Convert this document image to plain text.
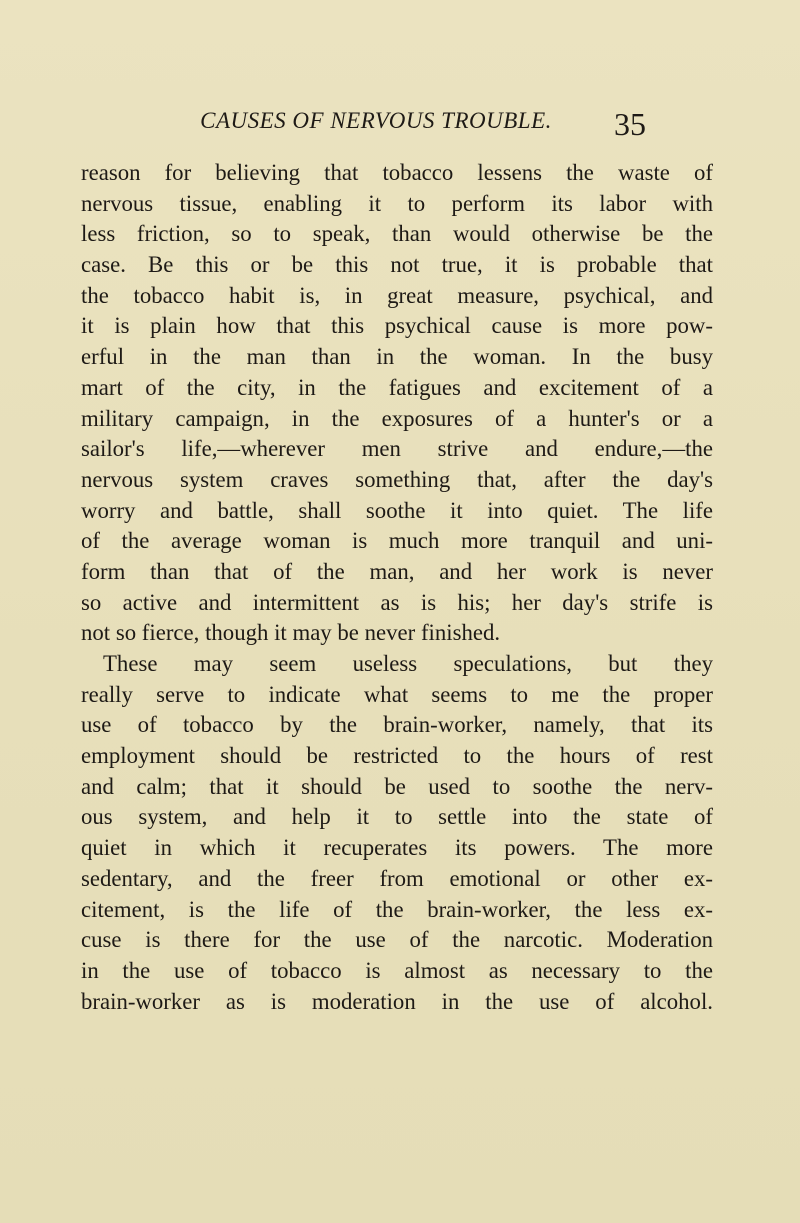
CAUSES OF NERVOUS TROUBLE.	35
reason for believing that tobacco lessens the waste of
nervous tissue, enabling it to perform its labor with
less friction, so to speak, than would otherwise be the
case. Be this or be this not true, it is probable that
the tobacco habit is, in great measure, psychical, and
it is plain how that this psychical cause is more pow-
erful in the man than in the woman. In the busy
mart of the city, in the fatigues and excitement of a
military campaign, in the exposures of a hunter's or a
sailor's life,—wherever men strive and endure,—the
nervous system craves something that, after the day's
worry and battle, shall soothe it into quiet. The life
of the average woman is much more tranquil and uni-
form than that of the man, and her work is never
so active and intermittent as is his; her day's strife is
not so fierce, though it may be never finished.
These may seem useless speculations, but they
really serve to indicate what seems to me the proper
use of tobacco by the brain-worker, namely, that its
employment should be restricted to the hours of rest
and calm; that it should be used to soothe the nerv-
ous system, and help it to settle into the state of
quiet in which it recuperates its powers. The more
sedentary, and the freer from emotional or other ex-
citement, is the life of the brain-worker, the less ex-
cuse is there for the use of the narcotic. Moderation
in the use of tobacco is almost as necessary to the
brain-worker as is moderation in the use of alcohol.
